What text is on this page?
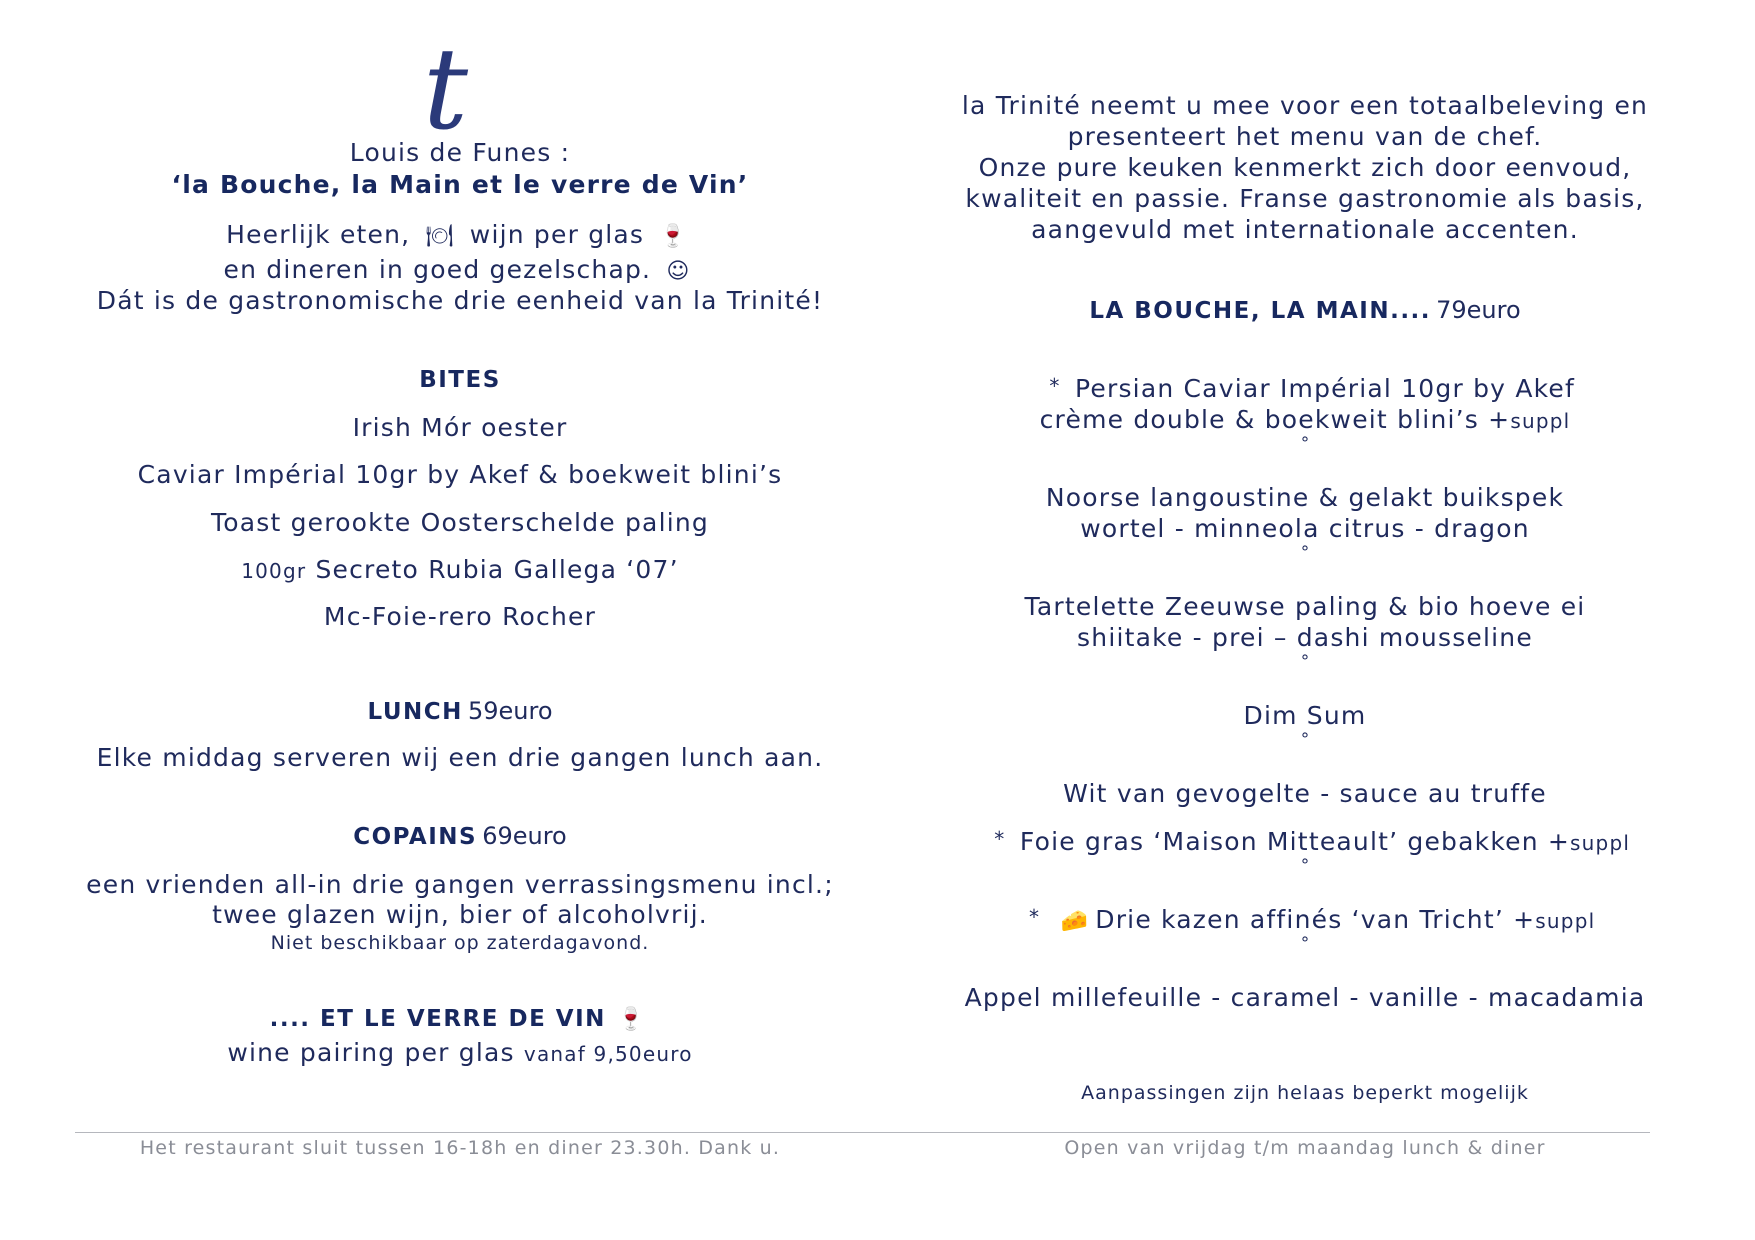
t
Louis de Funes :
‘la Bouche, la Main et le verre de Vin’
Heerlijk eten, 🍽 wijn per glas 🍷
en dineren in goed gezelschap. ☺
Dát is de gastronomische drie eenheid van la Trinité!
BITES
Irish Mór oester
Caviar Impérial 10gr by Akef & boekweit blini’s
Toast gerookte Oosterschelde paling
100gr Secreto Rubia Gallega ‘07’
Mc-Foie-rero Rocher
LUNCH 59euro
Elke middag serveren wij een drie gangen lunch aan.
COPAINS 69euro
een vrienden all-in drie gangen verrassingsmenu incl.;
twee glazen wijn, bier of alcoholvrij.
Niet beschikbaar op zaterdagavond.
.... ET LE VERRE DE VIN 🍷
wine pairing per glas vanaf 9,50euro
la Trinité neemt u mee voor een totaalbeleving en
presenteert het menu van de chef.
Onze pure keuken kenmerkt zich door eenvoud,
kwaliteit en passie. Franse gastronomie als basis,
aangevuld met internationale accenten.
LA BOUCHE, LA MAIN.... 79euro
* Persian Caviar Impérial 10gr by Akef
crème double & boekweit blini’s +suppl
°
Noorse langoustine & gelakt buikspek
wortel - minneola citrus - dragon
°
Tartelette Zeeuwse paling & bio hoeve ei
shiitake - prei – dashi mousseline
°
Dim Sum
°
Wit van gevogelte - sauce au truffe
* Foie gras ‘Maison Mitteault’ gebakken +suppl
°
* 🧀 Drie kazen affinés ‘van Tricht’ +suppl
°
Appel millefeuille - caramel - vanille - macadamia
Aanpassingen zijn helaas beperkt mogelijk
Het restaurant sluit tussen 16-18h en diner 23.30h. Dank u.	Open van vrijdag t/m maandag lunch & diner
